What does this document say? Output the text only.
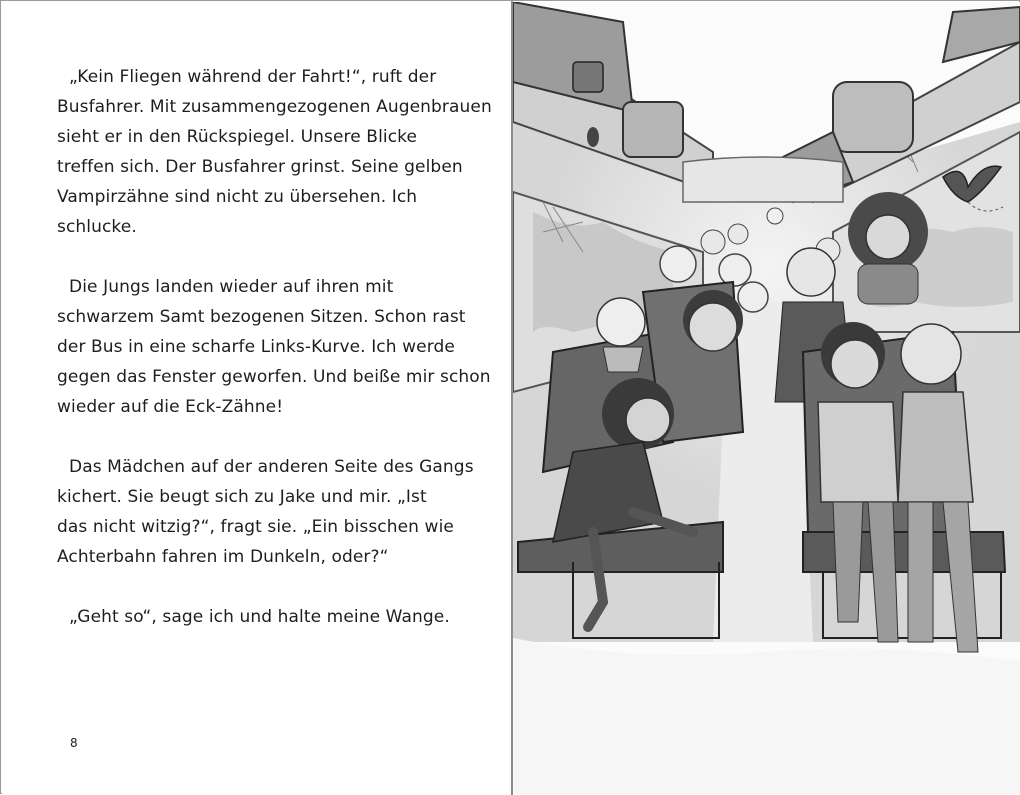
„Kein Fliegen während der Fahrt!“, ruft der
Busfahrer. Mit zusammengezogenen Augenbrauen
sieht er in den Rückspiegel. Unsere Blicke
treffen sich. Der Busfahrer grinst. Seine gelben
Vampirzähne sind nicht zu übersehen. Ich
schlucke.

Die Jungs landen wieder auf ihren mit
schwarzem Samt bezogenen Sitzen. Schon rast
der Bus in eine scharfe Links-Kurve. Ich werde
gegen das Fenster geworfen. Und beiße mir schon
wieder auf die Eck-Zähne!

Das Mädchen auf der anderen Seite des Gangs
kichert. Sie beugt sich zu Jake und mir. „Ist
das nicht witzig?“, fragt sie. „Ein bisschen wie
Achterbahn fahren im Dunkeln, oder?“

„Geht so“, sage ich und halte meine Wange.

8
